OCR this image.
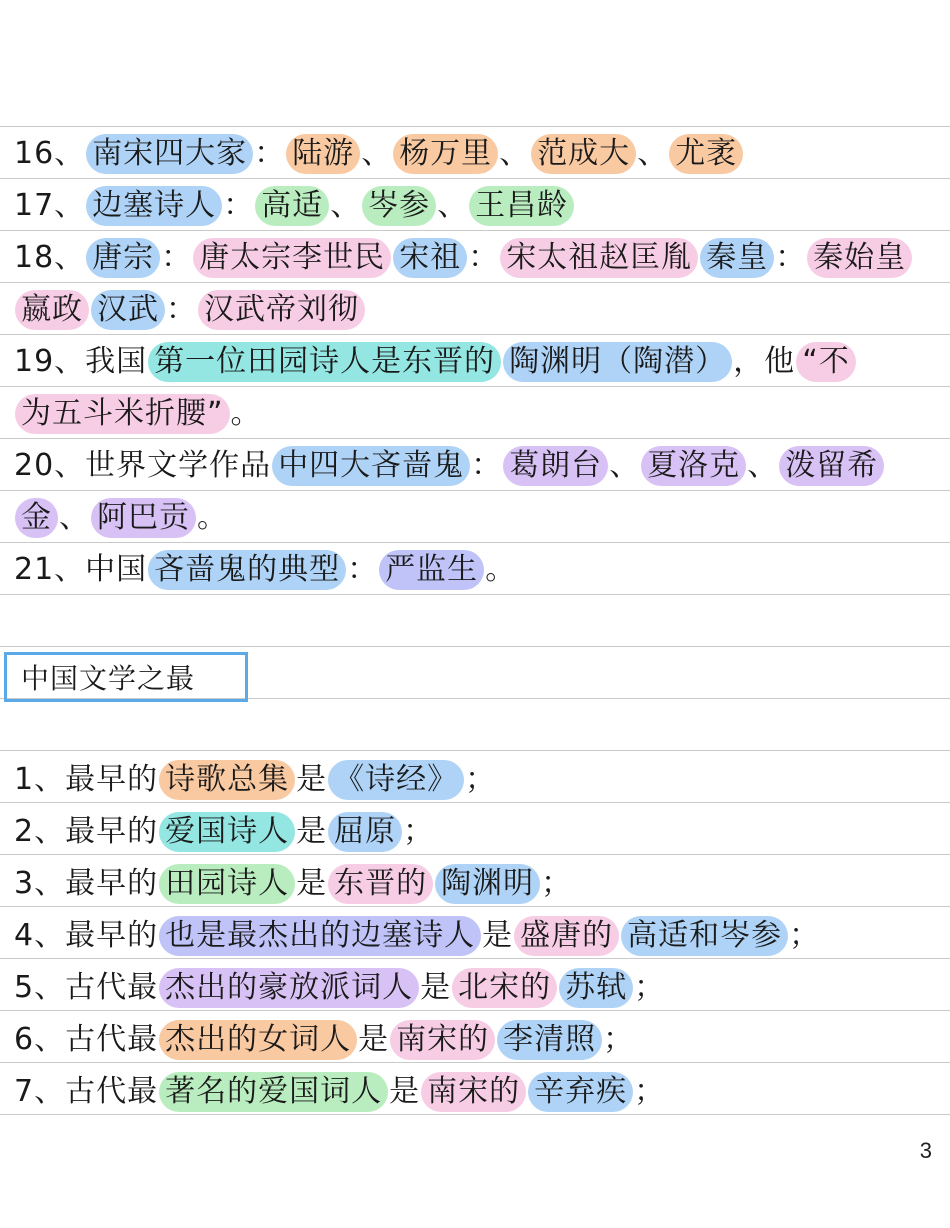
16、 南宋四大家 ： 陆游 、 杨万里 、 范成大 、 尤袤
17、 边塞诗人 ： 高适 、 岑参 、 王昌龄
18、 唐宗 ： 唐太宗李世民 宋祖 ： 宋太祖赵匡胤 秦皇 ： 秦始皇
嬴政 汉武 ： 汉武帝刘彻
19、我国 第一位田园诗人是东晋的 陶渊明（陶潜） ，他 “不
为五斗米折腰” 。
20、世界文学作品 中四大吝啬鬼 ： 葛朗台 、 夏洛克 、 泼留希
金 、 阿巴贡 。
21、中国 吝啬鬼的典型 ： 严监生 。
中国文学之最
1、最早的 诗歌总集 是 《诗经》 ；
2、最早的 爱国诗人 是 屈原 ；
3、最早的 田园诗人 是 东晋的 陶渊明 ；
4、最早的 也是最杰出的边塞诗人 是 盛唐的 高适和岑参 ；
5、古代最 杰出的豪放派词人 是 北宋的 苏轼 ；
6、古代最 杰出的女词人 是 南宋的 李清照 ；
7、古代最 著名的爱国词人 是 南宋的 辛弃疾 ；
3
